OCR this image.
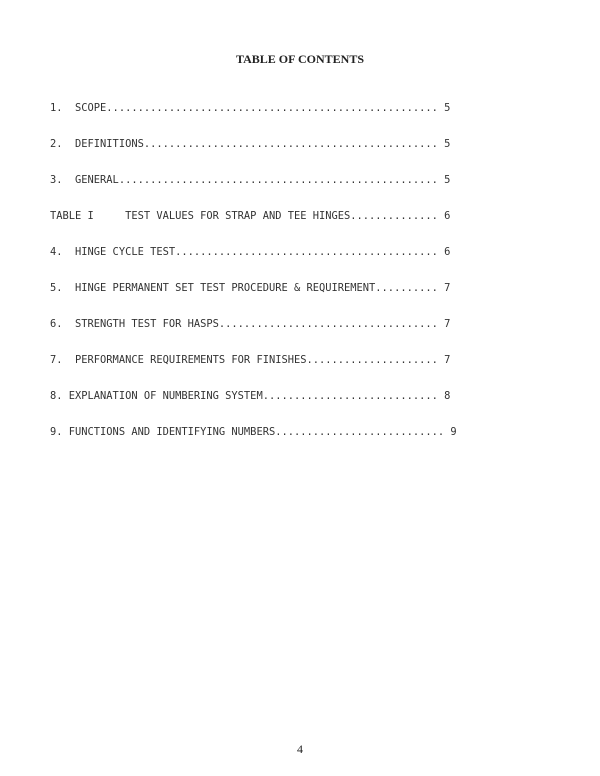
TABLE OF CONTENTS
1.  SCOPE..................................................... 5
2.  DEFINITIONS............................................... 5
3.  GENERAL................................................... 5
TABLE I     TEST VALUES FOR STRAP AND TEE HINGES.............. 6
4.  HINGE CYCLE TEST.......................................... 6
5.  HINGE PERMANENT SET TEST PROCEDURE & REQUIREMENT.......... 7
6.  STRENGTH TEST FOR HASPS................................... 7
7.  PERFORMANCE REQUIREMENTS FOR FINISHES..................... 7
8. EXPLANATION OF NUMBERING SYSTEM............................ 8
9. FUNCTIONS AND IDENTIFYING NUMBERS........................... 9
4
